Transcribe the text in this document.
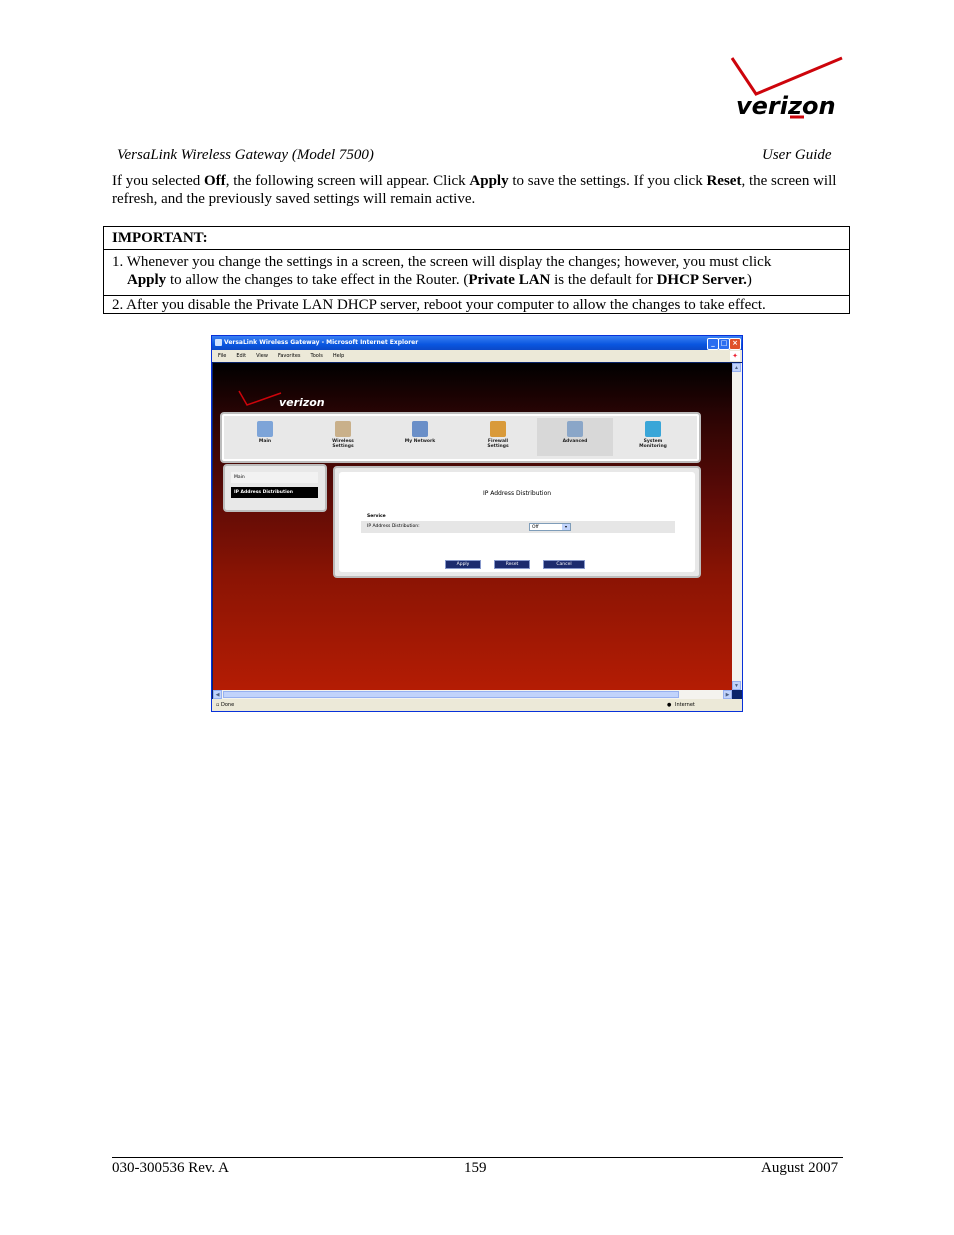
verizon
VersaLink Wireless Gateway (Model 7500)	User Guide
If you selected Off, the following screen will appear. Click Apply to save the settings. If you click Reset, the screen will refresh, and the previously saved settings will remain active.
IMPORTANT:
1. Whenever you change the settings in a screen, the screen will display the changes; however, you must click
Apply to allow the changes to take effect in the Router. (Private LAN is the default for DHCP Server.)
2. After you disable the Private LAN DHCP server, reboot your computer to allow the changes to take effect.
VersaLink Wireless Gateway - Microsoft Internet Explorer	_ □ ×
File Edit View Favorites Tools Help	✦
verizon
Main	Wireless
Settings
My Network	Firewall
Settings
Advanced	System
Monitoring
Main
IP Address Distribution	IP Address Distribution
Service
IP Address Distribution:	Off	▾
Apply	Reset	Cancel
▲
▼
◀	▶
▫ Done	● Internet
030-300536 Rev. A	159	August 2007
